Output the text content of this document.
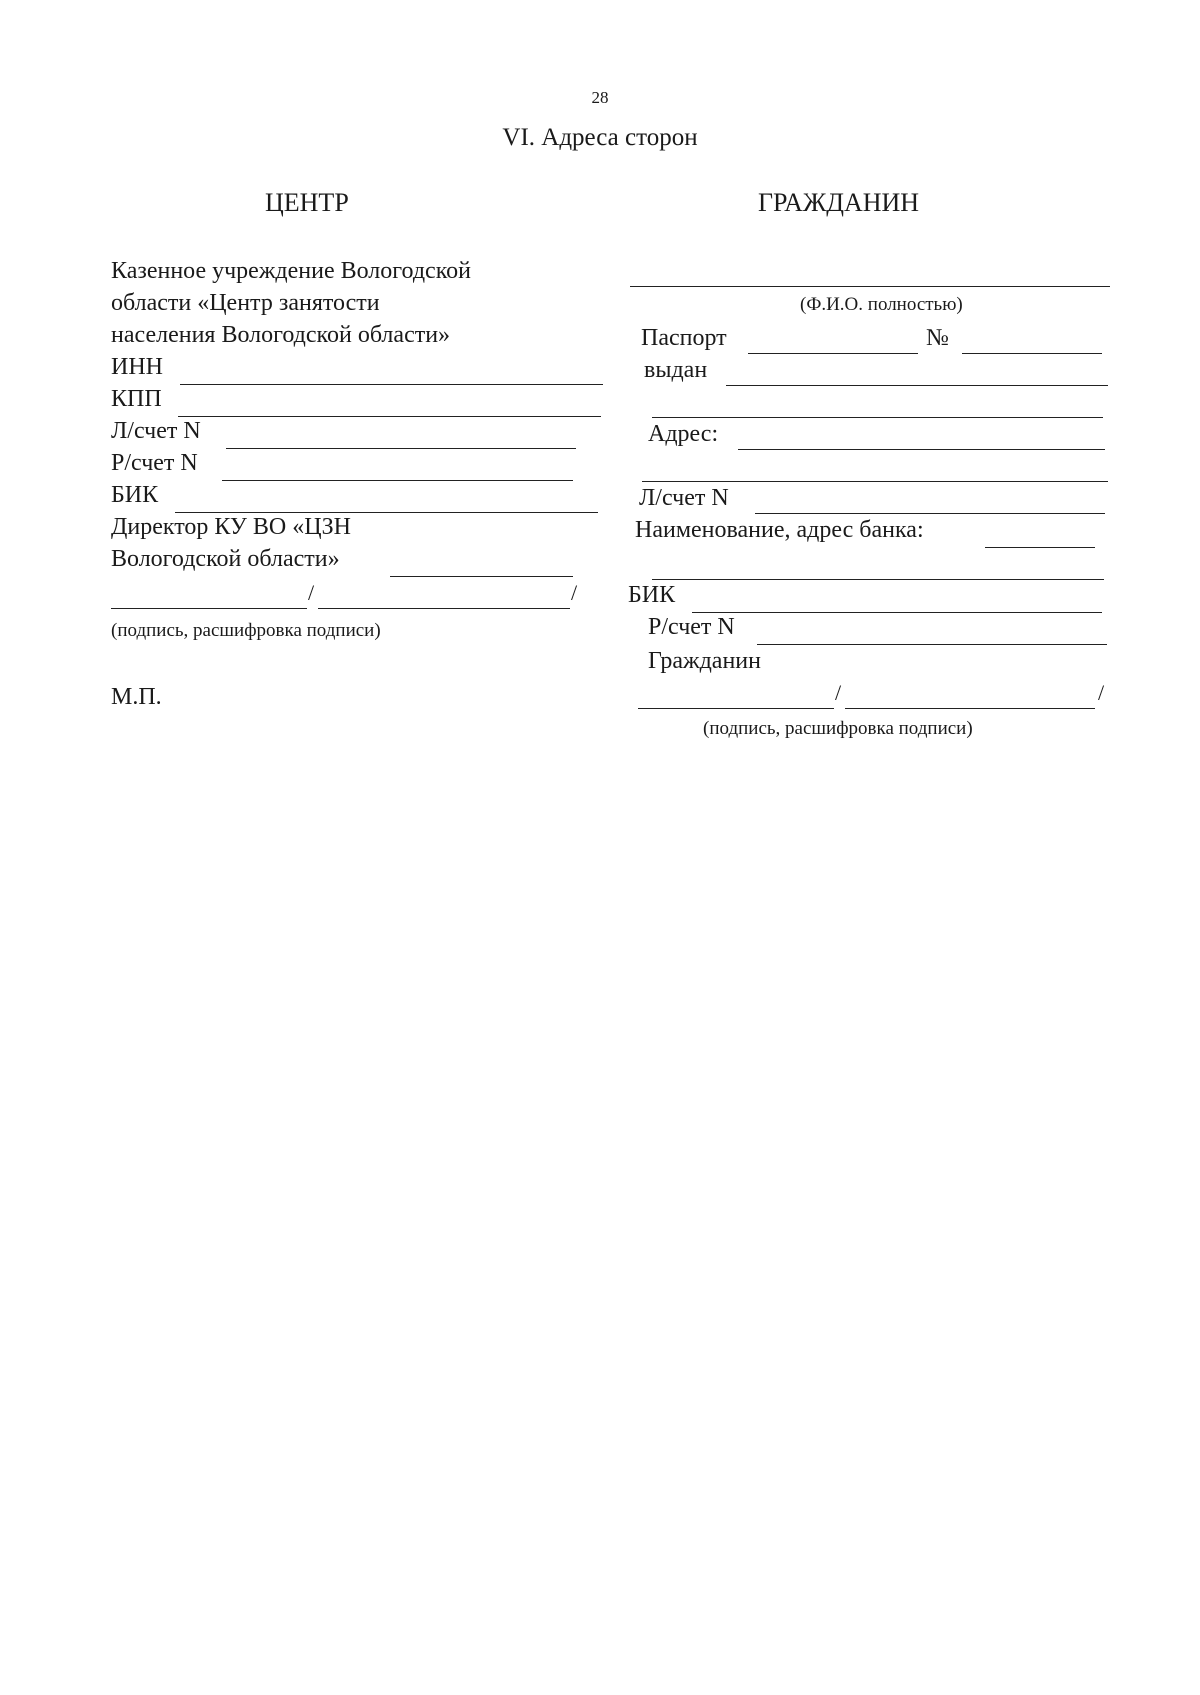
28
VI. Адреса сторон
ЦЕНТР
Казенное учреждение Вологодской
области «Центр занятости
населения Вологодской области»
ИНН
КПП
Л/счет N
Р/счет N
БИК
Директор КУ ВО «ЦЗН
Вологодской области»
/	/
(подпись, расшифровка подписи)
М.П.
ГРАЖДАНИН
(Ф.И.О. полностью)
Паспорт	№
выдан
Адрес:
Л/счет N
Наименование, адрес банка:
БИК
Р/счет N
Гражданин
/	/
(подпись, расшифровка подписи)
